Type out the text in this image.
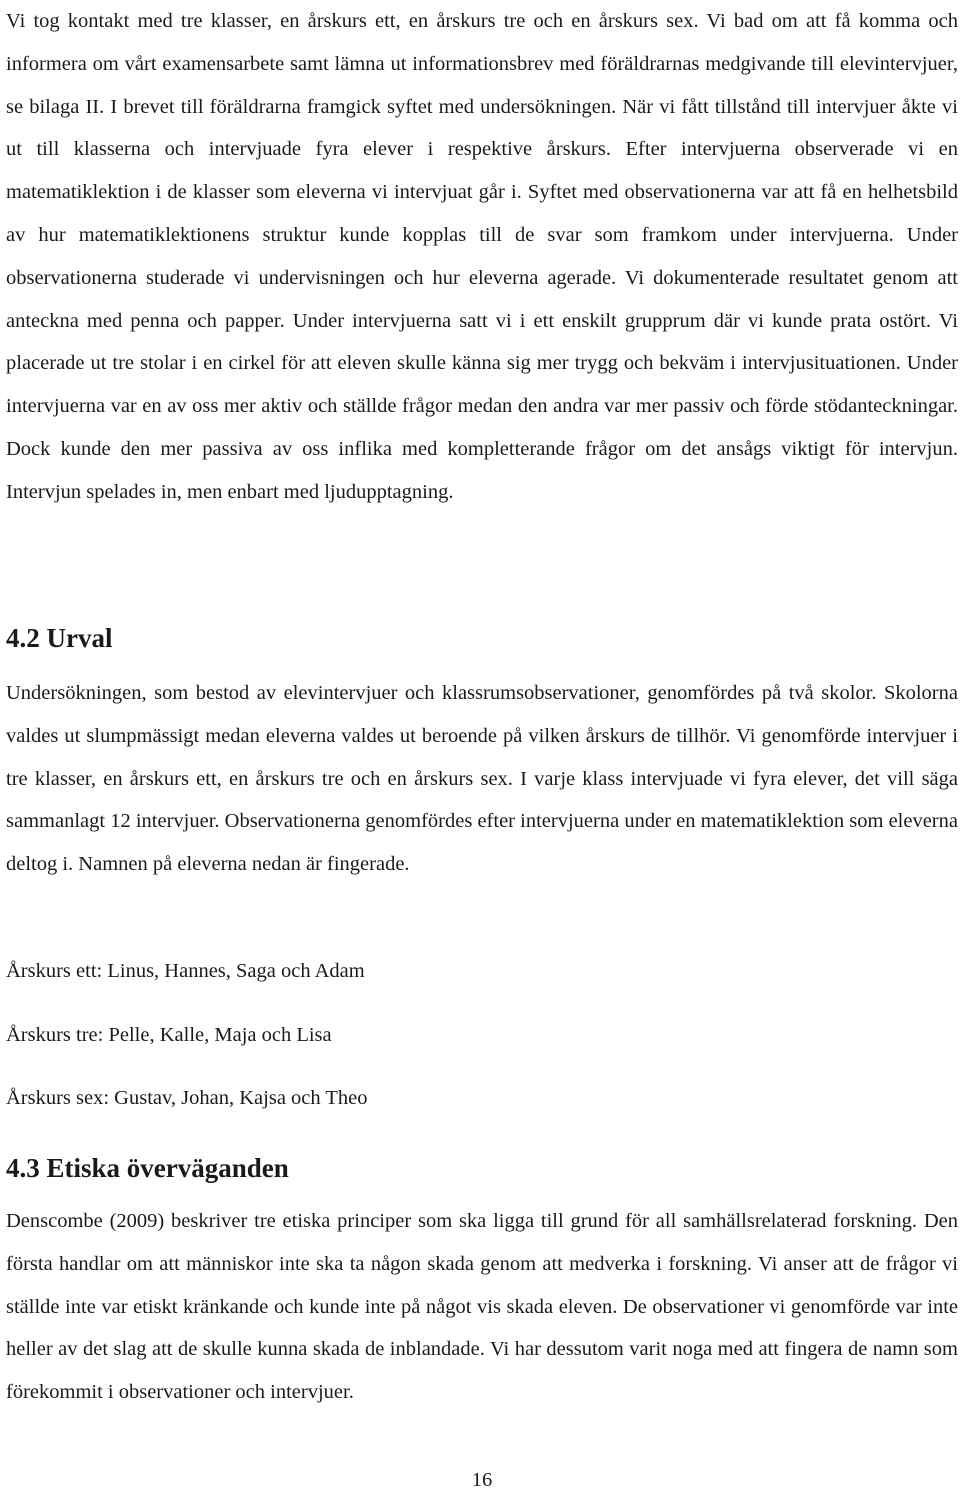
Vi tog kontakt med tre klasser, en årskurs ett, en årskurs tre och en årskurs sex. Vi bad om att få komma och informera om vårt examensarbete samt lämna ut informationsbrev med föräldrarnas medgivande till elevintervjuer, se bilaga II. I brevet till föräldrarna framgick syftet med undersökningen. När vi fått tillstånd till intervjuer åkte vi ut till klasserna och intervjuade fyra elever i respektive årskurs. Efter intervjuerna observerade vi en matematiklektion i de klasser som eleverna vi intervjuat går i. Syftet med observationerna var att få en helhetsbild av hur matematiklektionens struktur kunde kopplas till de svar som framkom under intervjuerna. Under observationerna studerade vi undervisningen och hur eleverna agerade. Vi dokumenterade resultatet genom att anteckna med penna och papper. Under intervjuerna satt vi i ett enskilt grupprum där vi kunde prata ostört. Vi placerade ut tre stolar i en cirkel för att eleven skulle känna sig mer trygg och bekväm i intervjusituationen. Under intervjuerna var en av oss mer aktiv och ställde frågor medan den andra var mer passiv och förde stödanteckningar. Dock kunde den mer passiva av oss inflika med kompletterande frågor om det ansågs viktigt för intervjun. Intervjun spelades in, men enbart med ljudupptagning.

4.2 Urval

Undersökningen, som bestod av elevintervjuer och klassrumsobservationer, genomfördes på två skolor. Skolorna valdes ut slumpmässigt medan eleverna valdes ut beroende på vilken årskurs de tillhör. Vi genomförde intervjuer i tre klasser, en årskurs ett, en årskurs tre och en årskurs sex. I varje klass intervjuade vi fyra elever, det vill säga sammanlagt 12 intervjuer. Observationerna genomfördes efter intervjuerna under en matematiklektion som eleverna deltog i. Namnen på eleverna nedan är fingerade.

Årskurs ett: Linus, Hannes, Saga och Adam

Årskurs tre: Pelle, Kalle, Maja och Lisa

Årskurs sex: Gustav, Johan, Kajsa och Theo

4.3 Etiska överväganden

Denscombe (2009) beskriver tre etiska principer som ska ligga till grund för all samhällsrelaterad forskning. Den första handlar om att människor inte ska ta någon skada genom att medverka i forskning. Vi anser att de frågor vi ställde inte var etiskt kränkande och kunde inte på något vis skada eleven. De observationer vi genomförde var inte heller av det slag att de skulle kunna skada de inblandade. Vi har dessutom varit noga med att fingera de namn som förekommit i observationer och intervjuer.

16
